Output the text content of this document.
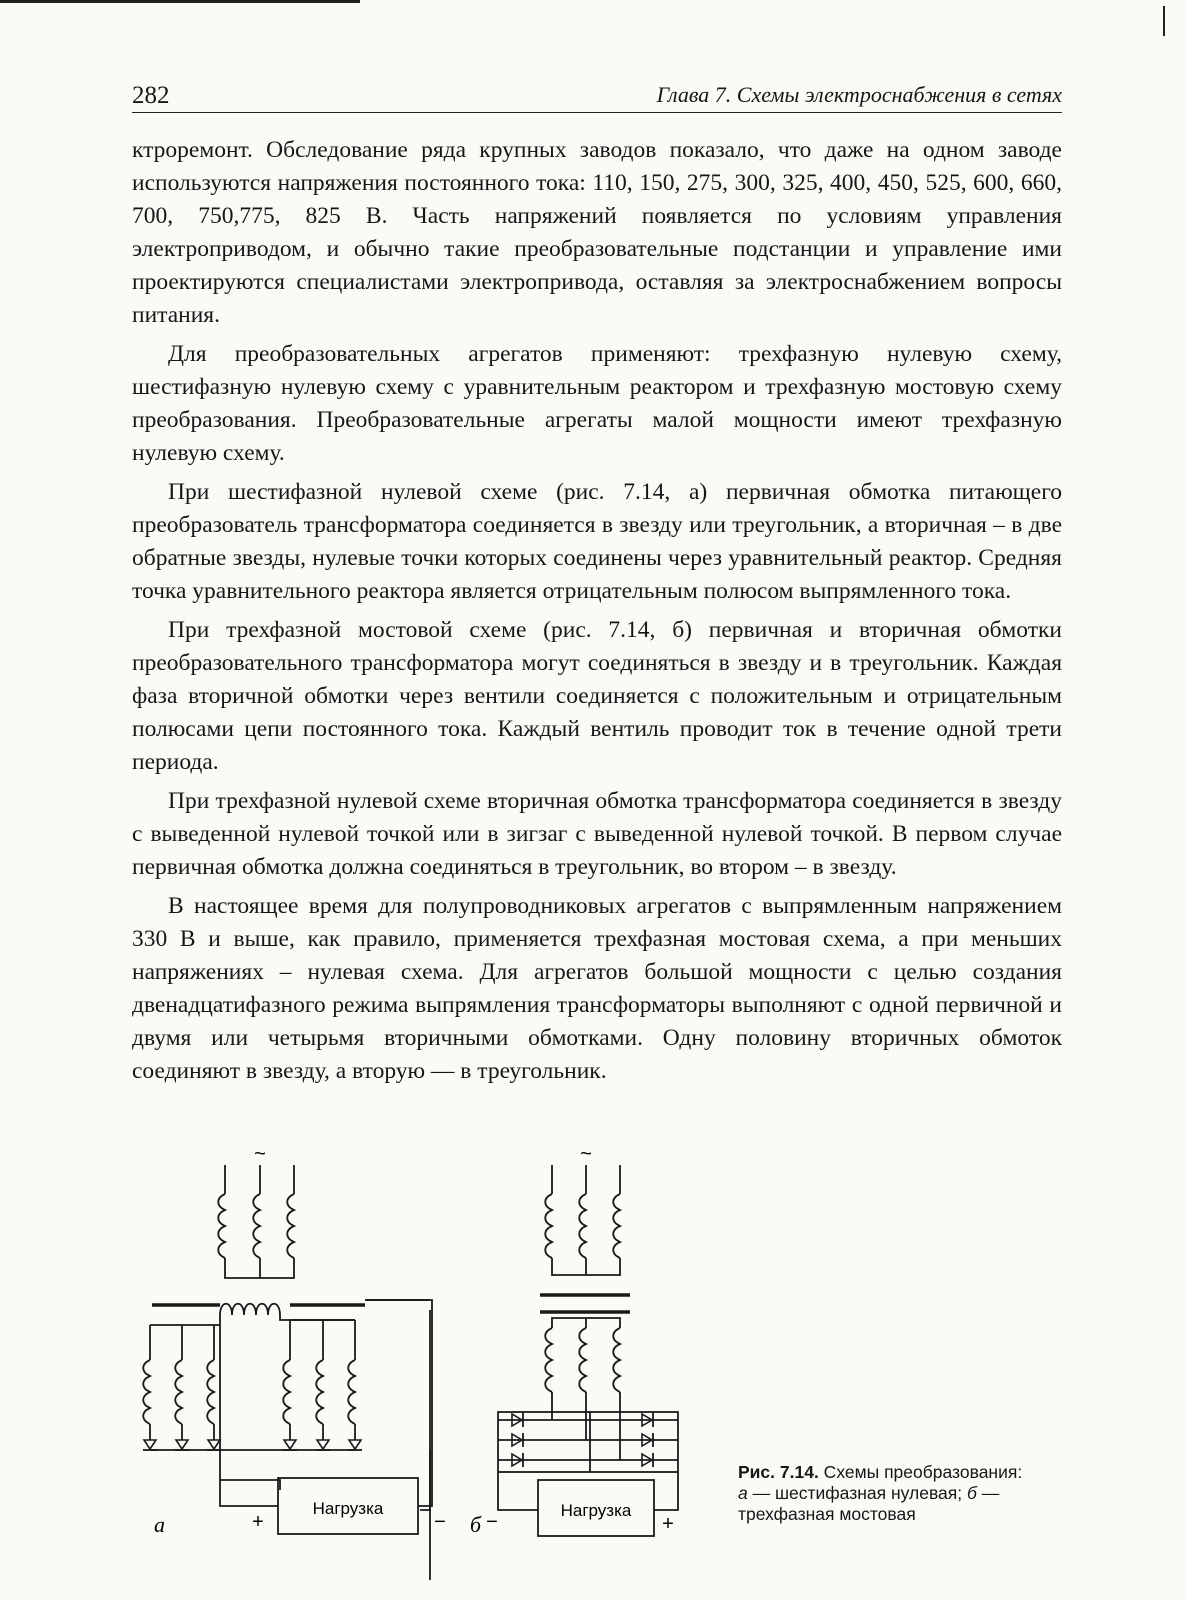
282	Глава 7. Схемы электроснабжения в сетях

ктроремонт. Обследование ряда крупных заводов показало, что даже на одном заводе используются напряжения постоянного тока: 110, 150, 275, 300, 325, 400, 450, 525, 600, 660, 700, 750,775, 825 В. Часть напряжений появляется по условиям управления электроприводом, и обычно такие преобразовательные подстанции и управление ими проектируются специалистами электропривода, оставляя за электроснабжением вопросы питания.

Для преобразовательных агрегатов применяют: трехфазную нулевую схему, шестифазную нулевую схему с уравнительным реактором и трехфазную мостовую схему преобразования. Преобразовательные агрегаты малой мощности имеют трехфазную нулевую схему.

При шестифазной нулевой схеме (рис. 7.14, а) первичная обмотка питающего преобразователь трансформатора соединяется в звезду или треугольник, а вторичная – в две обратные звезды, нулевые точки которых соединены через уравнительный реактор. Средняя точка уравнительного реактора является отрицательным полюсом выпрямленного тока.

При трехфазной мостовой схеме (рис. 7.14, б) первичная и вторичная обмотки преобразовательного трансформатора могут соединяться в звезду и в треугольник. Каждая фаза вторичной обмотки через вентили соединяется с положительным и отрицательным полюсами цепи постоянного тока. Каждый вентиль проводит ток в течение одной трети периода.

При трехфазной нулевой схеме вторичная обмотка трансформатора соединяется в звезду с выведенной нулевой точкой или в зигзаг с выведенной нулевой точкой. В первом случае первичная обмотка должна соединяться в треугольник, во втором – в звезду.

В настоящее время для полупроводниковых агрегатов с выпрямленным напряжением 330 В и выше, как правило, применяется трехфазная мостовая схема, а при меньших напряжениях – нулевая схема. Для агрегатов большой мощности с целью создания двенадцатифазного режима выпрямления трансформаторы выполняют с одной первичной и двумя или четырьмя вторичными обмотками. Одну половину вторичных обмоток соединяют в звезду, а вторую — в треугольник.

~	~
Нагрузка	Нагрузка
+	− −	+
а	б
Рис. 7.14. Схемы преобразования:
а — шестифазная нулевая; б — трехфазная мостовая
